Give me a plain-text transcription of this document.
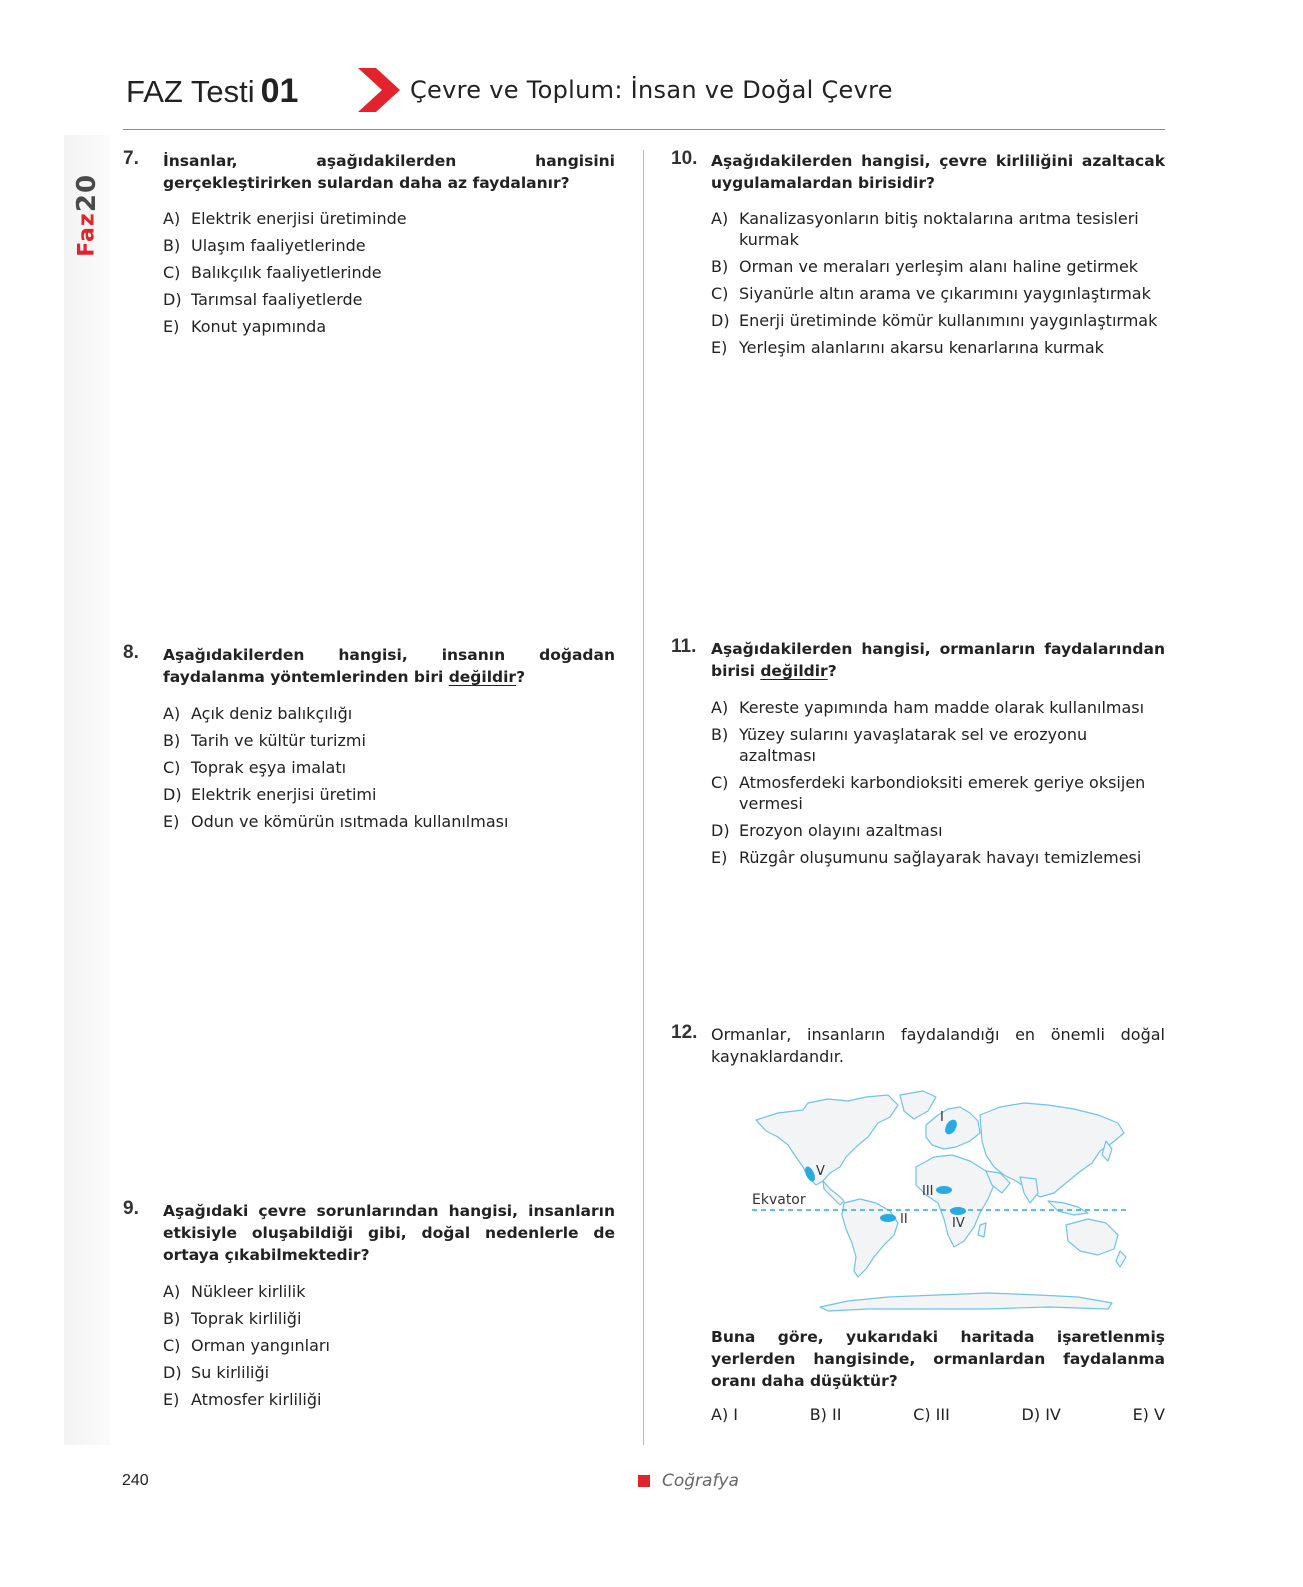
20
Faz
FAZ Testi 01	Çevre ve Toplum: İnsan ve Doğal Çevre
7. İnsanlar, aşağıdakilerden hangisini gerçekleştirirken sulardan daha az faydalanır?
A) Elektrik enerjisi üretiminde
B) Ulaşım faaliyetlerinde
C) Balıkçılık faaliyetlerinde
D) Tarımsal faaliyetlerde
E) Konut yapımında
8. Aşağıdakilerden hangisi, insanın doğadan faydalanma yöntemlerinden biri değildir?
A) Açık deniz balıkçılığı
B) Tarih ve kültür turizmi
C) Toprak eşya imalatı
D) Elektrik enerjisi üretimi
E) Odun ve kömürün ısıtmada kullanılması
9. Aşağıdaki çevre sorunlarından hangisi, insanların etkisiyle oluşabildiği gibi, doğal nedenlerle de ortaya çıkabilmektedir?
A) Nükleer kirlilik
B) Toprak kirliliği
C) Orman yangınları
D) Su kirliliği
E) Atmosfer kirliliği
10. Aşağıdakilerden hangisi, çevre kirliliğini azaltacak uygulamalardan birisidir?
A) Kanalizasyonların bitiş noktalarına arıtma tesisleri kurmak
B) Orman ve meraları yerleşim alanı haline getirmek
C) Siyanürle altın arama ve çıkarımını yaygınlaştırmak
D) Enerji üretiminde kömür kullanımını yaygınlaştırmak
E) Yerleşim alanlarını akarsu kenarlarına kurmak
11. Aşağıdakilerden hangisi, ormanların faydalarından birisi değildir?
A) Kereste yapımında ham madde olarak kullanılması
B) Yüzey sularını yavaşlatarak sel ve erozyonu azaltması
C) Atmosferdeki karbondioksiti emerek geriye oksijen vermesi
D) Erozyon olayını azaltması
E) Rüzgâr oluşumunu sağlayarak havayı temizlemesi
12. Ormanlar, insanların faydalandığı en önemli doğal kaynaklardandır.
Ekvator
I
II
III
IV
V
Buna göre, yukarıdaki haritada işaretlenmiş yerlerden hangisinde, ormanlardan faydalanma oranı daha düşüktür?
A) I	B) II	C) III	D) IV	E) V
240	Coğrafya
